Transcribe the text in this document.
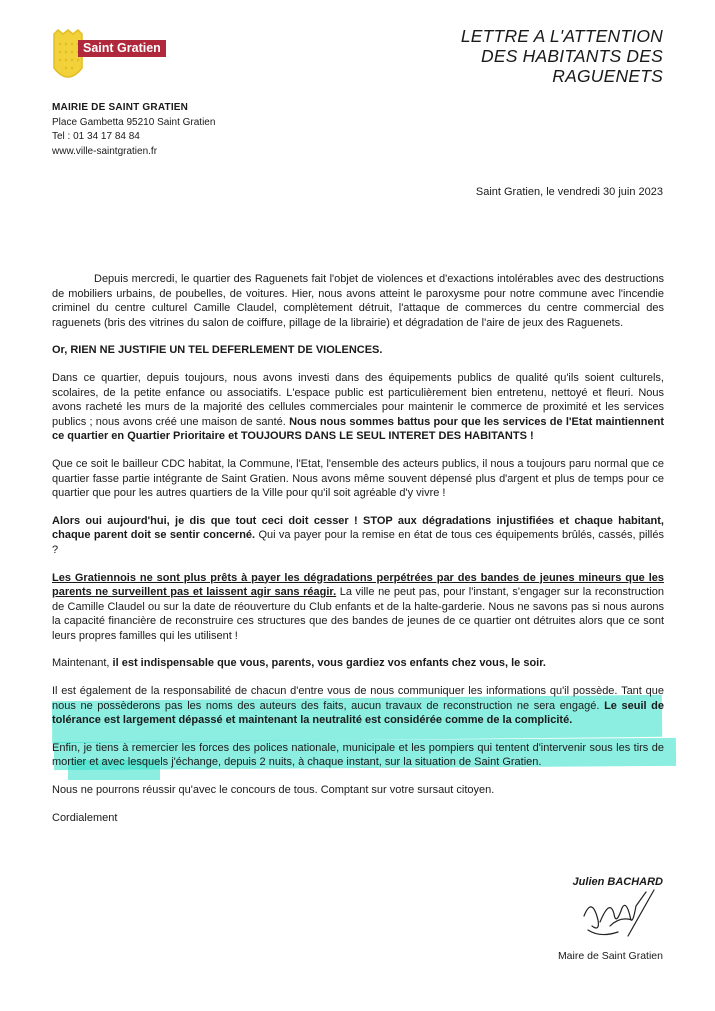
Saint Gratien
MAIRIE DE SAINT GRATIEN
Place Gambetta 95210 Saint Gratien
Tel : 01 34 17 84 84
www.ville-saintgratien.fr
LETTRE A L'ATTENTION
DES HABITANTS DES
RAGUENETS
Saint Gratien, le vendredi 30 juin 2023

Depuis mercredi, le quartier des Raguenets fait l'objet de violences et d'exactions intolérables avec des destructions de mobiliers urbains, de poubelles, de voitures. Hier, nous avons atteint le paroxysme pour notre commune avec l'incendie criminel du centre culturel Camille Claudel, complètement détruit, l'attaque de commerces du centre commercial des raguenets (bris des vitrines du salon de coiffure, pillage de la librairie) et dégradation de l'aire de jeux des Raguenets.

Or, RIEN NE JUSTIFIE UN TEL DEFERLEMENT DE VIOLENCES.

Dans ce quartier, depuis toujours, nous avons investi dans des équipements publics de qualité qu'ils soient culturels, scolaires, de la petite enfance ou associatifs. L'espace public est particulièrement bien entretenu, nettoyé et fleuri. Nous avons racheté les murs de la majorité des cellules commerciales pour maintenir le commerce de proximité et les services publics ; nous avons créé une maison de santé. Nous nous sommes battus pour que les services de l'Etat maintiennent ce quartier en Quartier Prioritaire et TOUJOURS DANS LE SEUL INTERET DES HABITANTS !

Que ce soit le bailleur CDC habitat, la Commune, l'Etat, l'ensemble des acteurs publics, il nous a toujours paru normal que ce quartier fasse partie intégrante de Saint Gratien. Nous avons même souvent dépensé plus d'argent et plus de temps pour ce quartier que pour les autres quartiers de la Ville pour qu'il soit agréable d'y vivre !

Alors oui aujourd'hui, je dis que tout ceci doit cesser ! STOP aux dégradations injustifiées et chaque habitant, chaque parent doit se sentir concerné. Qui va payer pour la remise en état de tous ces équipements brûlés, cassés, pillés ?

Les Gratiennois ne sont plus prêts à payer les dégradations perpétrées par des bandes de jeunes mineurs que les parents ne surveillent pas et laissent agir sans réagir. La ville ne peut pas, pour l'instant, s'engager sur la reconstruction de Camille Claudel ou sur la date de réouverture du Club enfants et de la halte-garderie. Nous ne savons pas si nous aurons la capacité financière de reconstruire ces structures que des bandes de jeunes de ce quartier ont détruites alors que ce sont leurs propres familles qui les utilisent !

Maintenant, il est indispensable que vous, parents, vous gardiez vos enfants chez vous, le soir.

Il est également de la responsabilité de chacun d'entre vous de nous communiquer les informations qu'il possède. Tant que nous ne possèderons pas les noms des auteurs des faits, aucun travaux de reconstruction ne sera engagé. Le seuil de tolérance est largement dépassé et maintenant la neutralité est considérée comme de la complicité.

Enfin, je tiens à remercier les forces des polices nationale, municipale et les pompiers qui tentent d'intervenir sous les tirs de mortier et avec lesquels j'échange, depuis 2 nuits, à chaque instant, sur la situation de Saint Gratien.

Nous ne pourrons réussir qu'avec le concours de tous. Comptant sur votre sursaut citoyen.

Cordialement

Julien BACHARD
Maire de Saint Gratien
